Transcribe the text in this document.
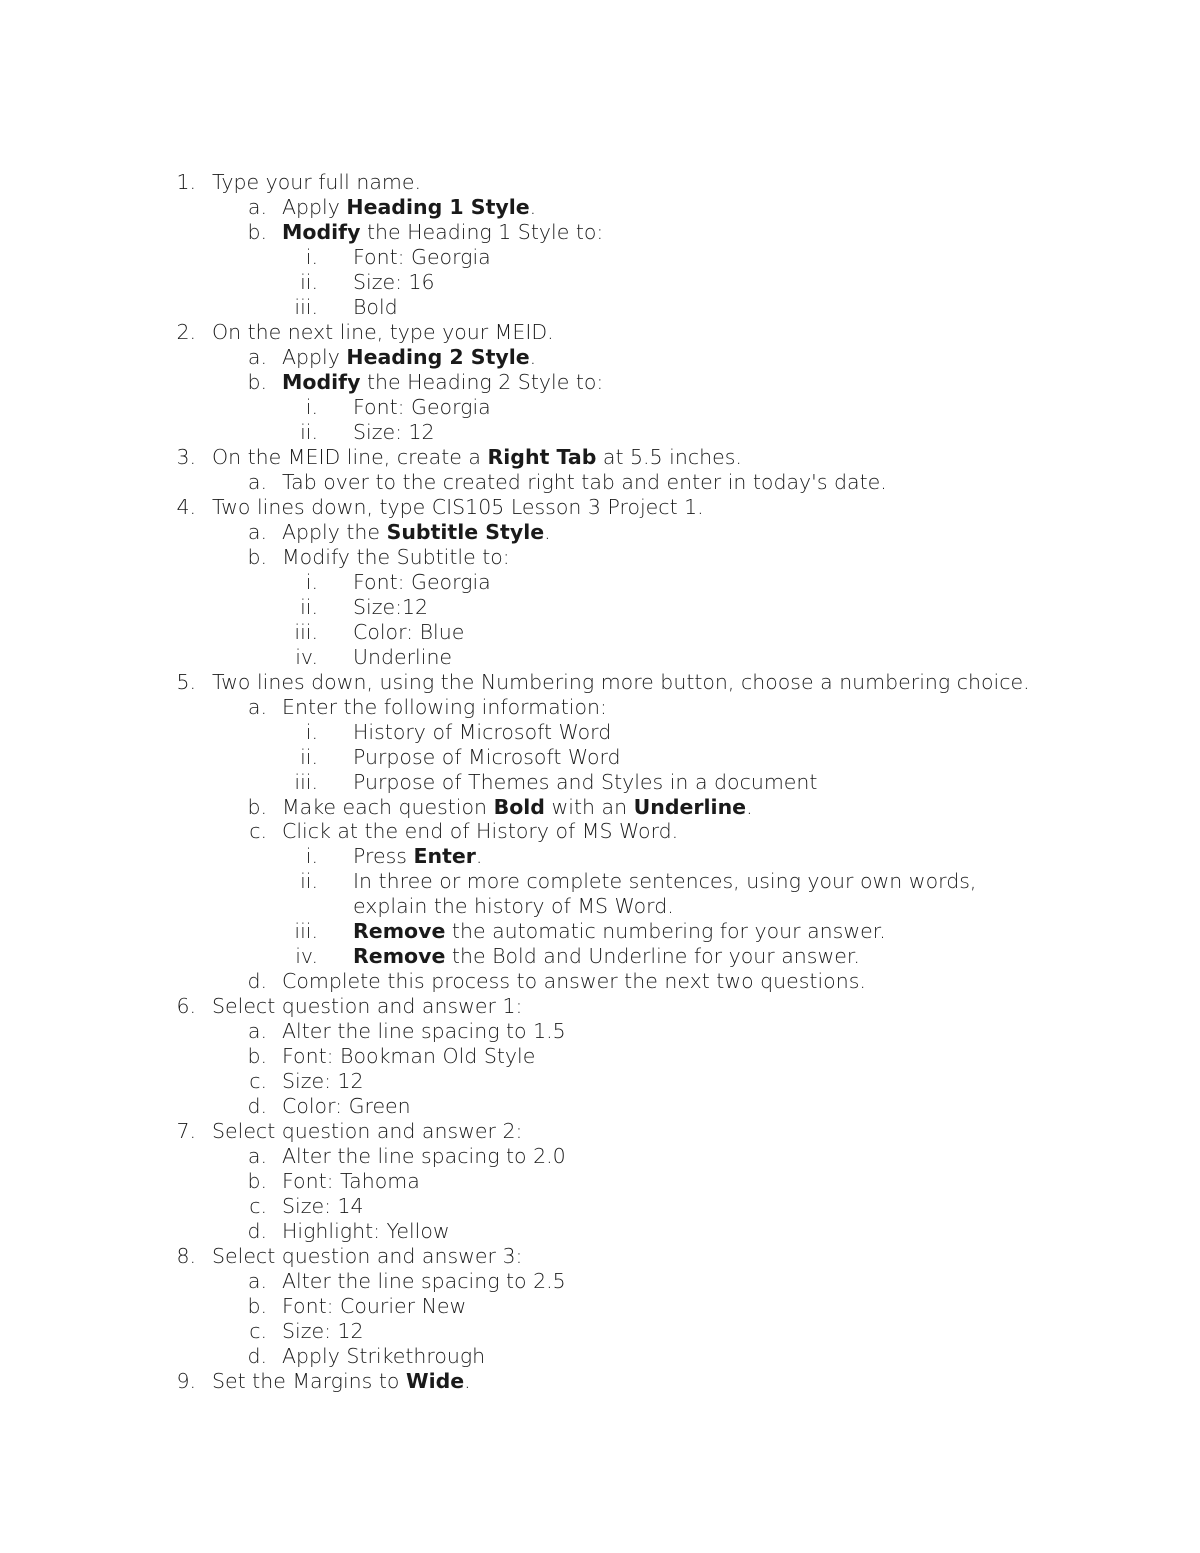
1. Type your full name.
a. Apply Heading 1 Style.
b. Modify the Heading 1 Style to:
i. Font: Georgia
ii. Size: 16
iii. Bold
2. On the next line, type your MEID.
a. Apply Heading 2 Style.
b. Modify the Heading 2 Style to:
i. Font: Georgia
ii. Size: 12
3. On the MEID line, create a Right Tab at 5.5 inches.
a. Tab over to the created right tab and enter in today's date.
4. Two lines down, type CIS105 Lesson 3 Project 1.
a. Apply the Subtitle Style.
b. Modify the Subtitle to:
i. Font: Georgia
ii. Size:12
iii. Color: Blue
iv. Underline
5. Two lines down, using the Numbering more button, choose a numbering choice.
a. Enter the following information:
i. History of Microsoft Word
ii. Purpose of Microsoft Word
iii. Purpose of Themes and Styles in a document
b. Make each question Bold with an Underline.
c. Click at the end of History of MS Word.
i. Press Enter.
ii. In three or more complete sentences, using your own words,
explain the history of MS Word.
iii. Remove the automatic numbering for your answer.
iv. Remove the Bold and Underline for your answer.
d. Complete this process to answer the next two questions.
6. Select question and answer 1:
a. Alter the line spacing to 1.5
b. Font: Bookman Old Style
c. Size: 12
d. Color: Green
7. Select question and answer 2:
a. Alter the line spacing to 2.0
b. Font: Tahoma
c. Size: 14
d. Highlight: Yellow
8. Select question and answer 3:
a. Alter the line spacing to 2.5
b. Font: Courier New
c. Size: 12
d. Apply Strikethrough
9. Set the Margins to Wide.
